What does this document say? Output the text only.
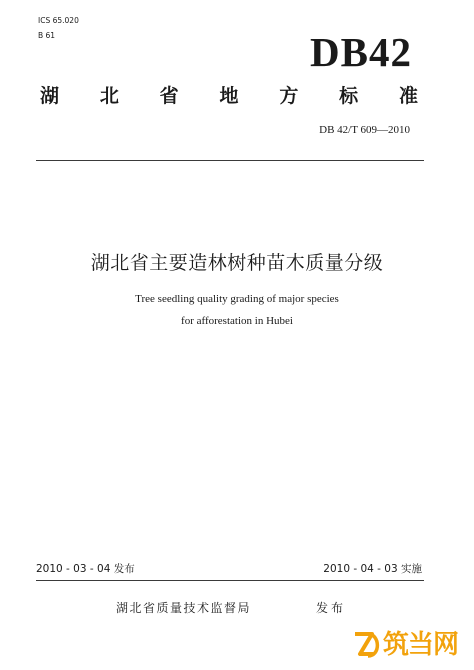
ICS 65.020
B 61	DB42
湖 北 省 地 方 标 准
DB 42/T 609—2010
湖北省主要造林树种苗木质量分级
Tree seedling quality grading of major species
for afforestation in Hubei
2010 - 03 - 04 发布	2010 - 04 - 03 实施
湖北省质量技术监督局	发布
筑当网
